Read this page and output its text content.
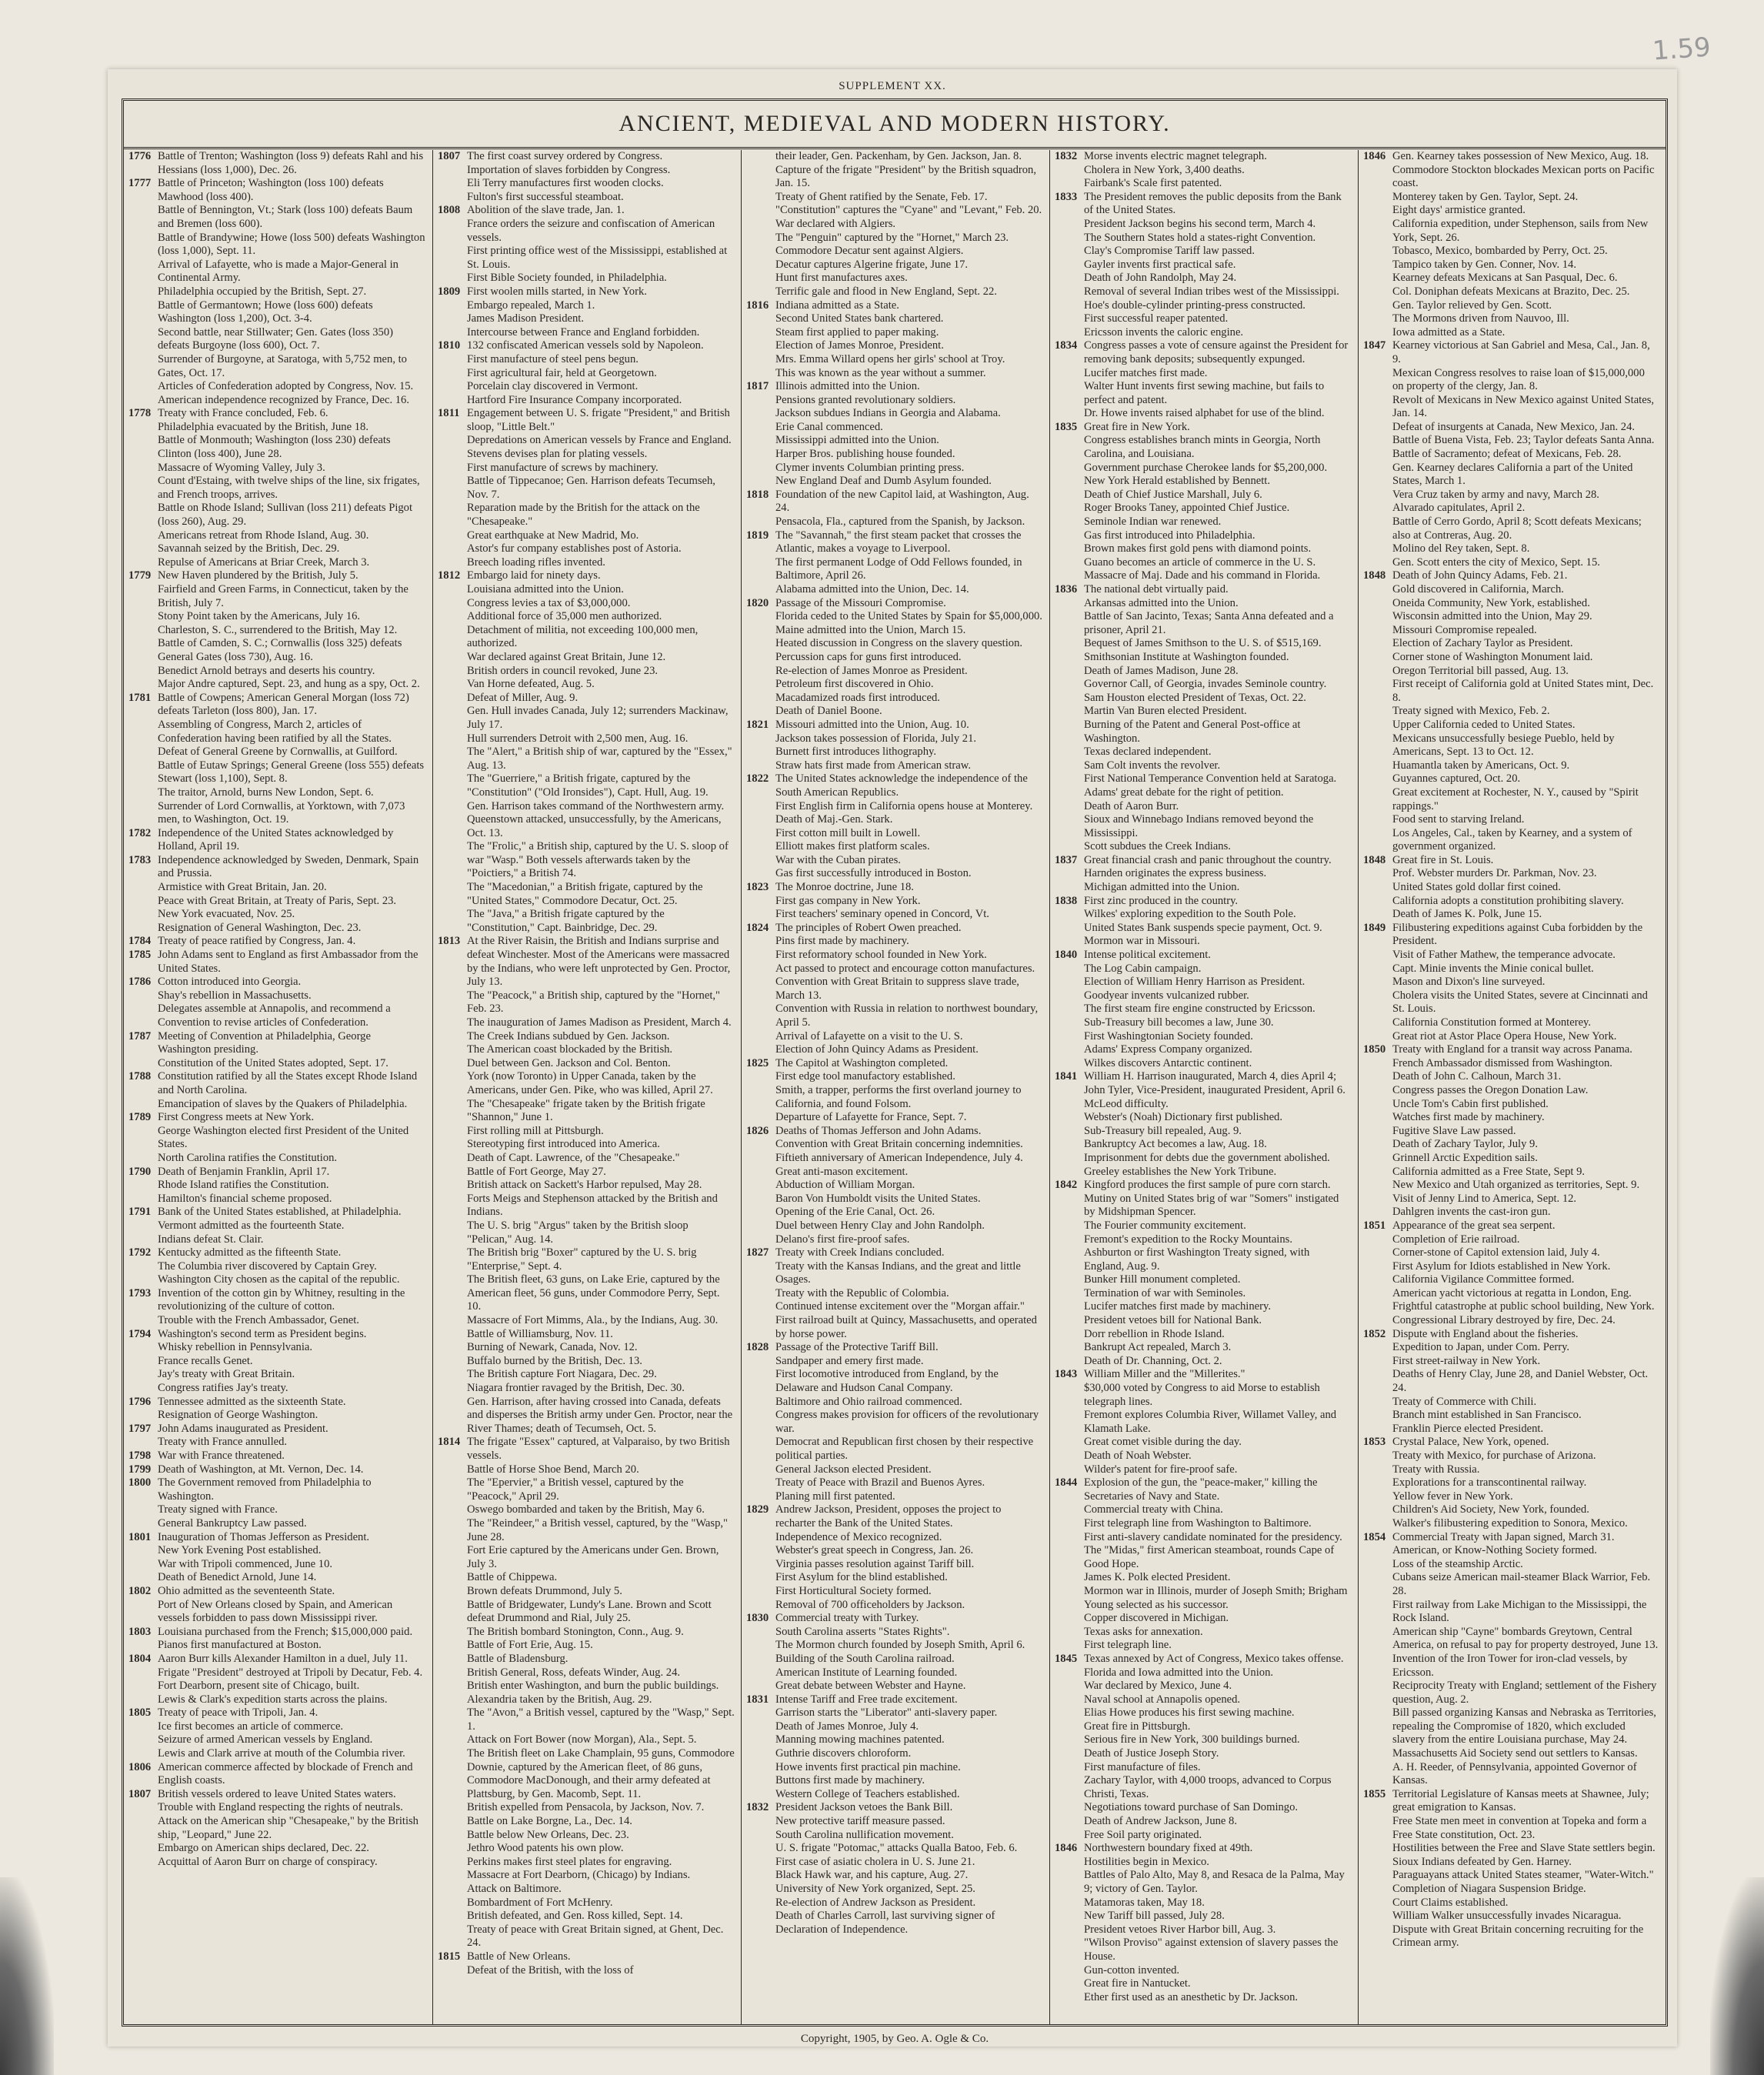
1.59
SUPPLEMENT XX.
ANCIENT, MEDIEVAL AND MODERN HISTORY.
1776 Battle of Trenton; Washington (loss 9) defeats Rahl and his Hessians (loss 1,000), Dec. 26.

1777 Battle of Princeton; Washington (loss 100) defeats Mawhood (loss 400).

Battle of Bennington, Vt.; Stark (loss 100) defeats Baum and Bremen (loss 600).

Battle of Brandywine; Howe (loss 500) defeats Washington (loss 1,000), Sept. 11.

Arrival of Lafayette, who is made a Major-General in Continental Army.

Philadelphia occupied by the British, Sept. 27.

Battle of Germantown; Howe (loss 600) defeats Washington (loss 1,200), Oct. 3-4.

Second battle, near Stillwater; Gen. Gates (loss 350) defeats Burgoyne (loss 600), Oct. 7.

Surrender of Burgoyne, at Saratoga, with 5,752 men, to Gates, Oct. 17.

Articles of Confederation adopted by Congress, Nov. 15.

American independence recognized by France, Dec. 16.

1778 Treaty with France concluded, Feb. 6.

Philadelphia evacuated by the British, June 18.

Battle of Monmouth; Washington (loss 230) defeats Clinton (loss 400), June 28.

Massacre of Wyoming Valley, July 3.

Count d'Estaing, with twelve ships of the line, six frigates, and French troops, arrives.

Battle on Rhode Island; Sullivan (loss 211) defeats Pigot (loss 260), Aug. 29.

Americans retreat from Rhode Island, Aug. 30.

Savannah seized by the British, Dec. 29.

Repulse of Americans at Briar Creek, March 3.

1779 New Haven plundered by the British, July 5.

Fairfield and Green Farms, in Connecticut, taken by the British, July 7.

Stony Point taken by the Americans, July 16.

Charleston, S. C., surrendered to the British, May 12.

Battle of Camden, S. C.; Cornwallis (loss 325) defeats General Gates (loss 730), Aug. 16.

Benedict Arnold betrays and deserts his country.

Major Andre captured, Sept. 23, and hung as a spy, Oct. 2.

1781 Battle of Cowpens; American General Morgan (loss 72) defeats Tarleton (loss 800), Jan. 17.

Assembling of Congress, March 2, articles of Confederation having been ratified by all the States.

Defeat of General Greene by Cornwallis, at Guilford.

Battle of Eutaw Springs; General Greene (loss 555) defeats Stewart (loss 1,100), Sept. 8.

The traitor, Arnold, burns New London, Sept. 6.

Surrender of Lord Cornwallis, at Yorktown, with 7,073 men, to Washington, Oct. 19.

1782 Independence of the United States acknowledged by Holland, April 19.

1783 Independence acknowledged by Sweden, Denmark, Spain and Prussia.

Armistice with Great Britain, Jan. 20.

Peace with Great Britain, at Treaty of Paris, Sept. 23.

New York evacuated, Nov. 25.

Resignation of General Washington, Dec. 23.

1784 Treaty of peace ratified by Congress, Jan. 4.

1785 John Adams sent to England as first Ambassador from the United States.

1786 Cotton introduced into Georgia.

Shay's rebellion in Massachusetts.

Delegates assemble at Annapolis, and recommend a Convention to revise articles of Confederation.

1787 Meeting of Convention at Philadelphia, George Washington presiding.

Constitution of the United States adopted, Sept. 17.

1788 Constitution ratified by all the States except Rhode Island and North Carolina.

Emancipation of slaves by the Quakers of Philadelphia.

1789 First Congress meets at New York.

George Washington elected first President of the United States.

North Carolina ratifies the Constitution.

1790 Death of Benjamin Franklin, April 17.

Rhode Island ratifies the Constitution.

Hamilton's financial scheme proposed.

1791 Bank of the United States established, at Philadelphia.

Vermont admitted as the fourteenth State.

Indians defeat St. Clair.

1792 Kentucky admitted as the fifteenth State.

The Columbia river discovered by Captain Grey.

Washington City chosen as the capital of the republic.

1793 Invention of the cotton gin by Whitney, resulting in the revolutionizing of the culture of cotton.

Trouble with the French Ambassador, Genet.

1794 Washington's second term as President begins.

Whisky rebellion in Pennsylvania.

France recalls Genet.

Jay's treaty with Great Britain.

Congress ratifies Jay's treaty.

1796 Tennessee admitted as the sixteenth State.

Resignation of George Washington.

1797 John Adams inaugurated as President.

Treaty with France annulled.

1798 War with France threatened.

1799 Death of Washington, at Mt. Vernon, Dec. 14.

1800 The Government removed from Philadelphia to Washington.

Treaty signed with France.

General Bankruptcy Law passed.

1801 Inauguration of Thomas Jefferson as President.

New York Evening Post established.

War with Tripoli commenced, June 10.

Death of Benedict Arnold, June 14.

1802 Ohio admitted as the seventeenth State.

Port of New Orleans closed by Spain, and American vessels forbidden to pass down Mississippi river.

1803 Louisiana purchased from the French; $15,000,000 paid.

Pianos first manufactured at Boston.

1804 Aaron Burr kills Alexander Hamilton in a duel, July 11.

Frigate "President" destroyed at Tripoli by Decatur, Feb. 4.

Fort Dearborn, present site of Chicago, built.

Lewis & Clark's expedition starts across the plains.

1805 Treaty of peace with Tripoli, Jan. 4.

Ice first becomes an article of commerce.

Seizure of armed American vessels by England.

Lewis and Clark arrive at mouth of the Columbia river.

1806 American commerce affected by blockade of French and English coasts.

1807 British vessels ordered to leave United States waters.

Trouble with England respecting the rights of neutrals.

Attack on the American ship "Chesapeake," by the British ship, "Leopard," June 22.

Embargo on American ships declared, Dec. 22.

Acquittal of Aaron Burr on charge of conspiracy.

1807 The first coast survey ordered by Congress.

Importation of slaves forbidden by Congress.

Eli Terry manufactures first wooden clocks.

Fulton's first successful steamboat.

1808 Abolition of the slave trade, Jan. 1.

France orders the seizure and confiscation of American vessels.

First printing office west of the Mississippi, established at St. Louis.

First Bible Society founded, in Philadelphia.

1809 First woolen mills started, in New York.

Embargo repealed, March 1.

James Madison President.

Intercourse between France and England forbidden.

1810 132 confiscated American vessels sold by Napoleon.

First manufacture of steel pens begun.

First agricultural fair, held at Georgetown.

Porcelain clay discovered in Vermont.

Hartford Fire Insurance Company incorporated.

1811 Engagement between U. S. frigate "President," and British sloop, "Little Belt."

Depredations on American vessels by France and England.

Stevens devises plan for plating vessels.

First manufacture of screws by machinery.

Battle of Tippecanoe; Gen. Harrison defeats Tecumseh, Nov. 7.

Reparation made by the British for the attack on the "Chesapeake."

Great earthquake at New Madrid, Mo.

Astor's fur company establishes post of Astoria.

Breech loading rifles invented.

1812 Embargo laid for ninety days.

Louisiana admitted into the Union.

Congress levies a tax of $3,000,000.

Additional force of 35,000 men authorized.

Detachment of militia, not exceeding 100,000 men, authorized.

War declared against Great Britain, June 12.

British orders in council revoked, June 23.

Van Horne defeated, Aug. 5.

Defeat of Miller, Aug. 9.

Gen. Hull invades Canada, July 12; surrenders Mackinaw, July 17.

Hull surrenders Detroit with 2,500 men, Aug. 16.

The "Alert," a British ship of war, captured by the "Essex," Aug. 13.

The "Guerriere," a British frigate, captured by the "Constitution" ("Old Ironsides"), Capt. Hull, Aug. 19.

Gen. Harrison takes command of the Northwestern army.

Queenstown attacked, unsuccessfully, by the Americans, Oct. 13.

The "Frolic," a British ship, captured by the U. S. sloop of war "Wasp." Both vessels afterwards taken by the "Poictiers," a British 74.

The "Macedonian," a British frigate, captured by the "United States," Commodore Decatur, Oct. 25.

The "Java," a British frigate captured by the "Constitution," Capt. Bainbridge, Dec. 29.

1813 At the River Raisin, the British and Indians surprise and defeat Winchester. Most of the Americans were massacred by the Indians, who were left unprotected by Gen. Proctor, July 13.

The "Peacock," a British ship, captured by the "Hornet," Feb. 23.

The inauguration of James Madison as President, March 4.

The Creek Indians subdued by Gen. Jackson.

The American coast blockaded by the British.

Duel between Gen. Jackson and Col. Benton.

York (now Toronto) in Upper Canada, taken by the Americans, under Gen. Pike, who was killed, April 27.

The "Chesapeake" frigate taken by the British frigate "Shannon," June 1.

First rolling mill at Pittsburgh.

Stereotyping first introduced into America.

Death of Capt. Lawrence, of the "Chesapeake."

Battle of Fort George, May 27.

British attack on Sackett's Harbor repulsed, May 28.

Forts Meigs and Stephenson attacked by the British and Indians.

The U. S. brig "Argus" taken by the British sloop "Pelican," Aug. 14.

The British brig "Boxer" captured by the U. S. brig "Enterprise," Sept. 4.

The British fleet, 63 guns, on Lake Erie, captured by the American fleet, 56 guns, under Commodore Perry, Sept. 10.

Massacre of Fort Mimms, Ala., by the Indians, Aug. 30.

Battle of Williamsburg, Nov. 11.

Burning of Newark, Canada, Nov. 12.

Buffalo burned by the British, Dec. 13.

The British capture Fort Niagara, Dec. 29.

Niagara frontier ravaged by the British, Dec. 30.

Gen. Harrison, after having crossed into Canada, defeats and disperses the British army under Gen. Proctor, near the River Thames; death of Tecumseh, Oct. 5.

1814 The frigate "Essex" captured, at Valparaiso, by two British vessels.

Battle of Horse Shoe Bend, March 20.

The "Epervier," a British vessel, captured by the "Peacock," April 29.

Oswego bombarded and taken by the British, May 6.

The "Reindeer," a British vessel, captured, by the "Wasp," June 28.

Fort Erie captured by the Americans under Gen. Brown, July 3.

Battle of Chippewa.

Brown defeats Drummond, July 5.

Battle of Bridgewater, Lundy's Lane. Brown and Scott defeat Drummond and Rial, July 25.

The British bombard Stonington, Conn., Aug. 9.

Battle of Fort Erie, Aug. 15.

Battle of Bladensburg.

British General, Ross, defeats Winder, Aug. 24.

British enter Washington, and burn the public buildings.

Alexandria taken by the British, Aug. 29.

The "Avon," a British vessel, captured by the "Wasp," Sept. 1.

Attack on Fort Bower (now Morgan), Ala., Sept. 5.

The British fleet on Lake Champlain, 95 guns, Commodore Downie, captured by the American fleet, of 86 guns, Commodore MacDonough, and their army defeated at Plattsburg, by Gen. Macomb, Sept. 11.

British expelled from Pensacola, by Jackson, Nov. 7.

Battle on Lake Borgne, La., Dec. 14.

Battle below New Orleans, Dec. 23.

Jethro Wood patents his own plow.

Perkins makes first steel plates for engraving.

Massacre at Fort Dearborn, (Chicago) by Indians.

Attack on Baltimore.

Bombardment of Fort McHenry.

British defeated, and Gen. Ross killed, Sept. 14.

Treaty of peace with Great Britain signed, at Ghent, Dec. 24.

1815 Battle of New Orleans.

Defeat of the British, with the loss of

their leader, Gen. Packenham, by Gen. Jackson, Jan. 8.

Capture of the frigate "President" by the British squadron, Jan. 15.

Treaty of Ghent ratified by the Senate, Feb. 17.

"Constitution" captures the "Cyane" and "Levant," Feb. 20.

War declared with Algiers.

The "Penguin" captured by the "Hornet," March 23.

Commodore Decatur sent against Algiers.

Decatur captures Algerine frigate, June 17.

Hunt first manufactures axes.

Terrific gale and flood in New England, Sept. 22.

1816 Indiana admitted as a State.

Second United States bank chartered.

Steam first applied to paper making.

Election of James Monroe, President.

Mrs. Emma Willard opens her girls' school at Troy.

This was known as the year without a summer.

1817 Illinois admitted into the Union.

Pensions granted revolutionary soldiers.

Jackson subdues Indians in Georgia and Alabama.

Erie Canal commenced.

Mississippi admitted into the Union.

Harper Bros. publishing house founded.

Clymer invents Columbian printing press.

New England Deaf and Dumb Asylum founded.

1818 Foundation of the new Capitol laid, at Washington, Aug. 24.

Pensacola, Fla., captured from the Spanish, by Jackson.

1819 The "Savannah," the first steam packet that crosses the Atlantic, makes a voyage to Liverpool.

The first permanent Lodge of Odd Fellows founded, in Baltimore, April 26.

Alabama admitted into the Union, Dec. 14.

1820 Passage of the Missouri Compromise.

Florida ceded to the United States by Spain for $5,000,000.

Maine admitted into the Union, March 15.

Heated discussion in Congress on the slavery question.

Percussion caps for guns first introduced.

Re-election of James Monroe as President.

Petroleum first discovered in Ohio.

Macadamized roads first introduced.

Death of Daniel Boone.

1821 Missouri admitted into the Union, Aug. 10.

Jackson takes possession of Florida, July 21.

Burnett first introduces lithography.

Straw hats first made from American straw.

1822 The United States acknowledge the independence of the South American Republics.

First English firm in California opens house at Monterey.

Death of Maj.-Gen. Stark.

First cotton mill built in Lowell.

Elliott makes first platform scales.

War with the Cuban pirates.

Gas first successfully introduced in Boston.

1823 The Monroe doctrine, June 18.

First gas company in New York.

First teachers' seminary opened in Concord, Vt.

1824 The principles of Robert Owen preached.

Pins first made by machinery.

First reformatory school founded in New York.

Act passed to protect and encourage cotton manufactures.

Convention with Great Britain to suppress slave trade, March 13.

Convention with Russia in relation to northwest boundary, April 5.

Arrival of Lafayette on a visit to the U. S.

Election of John Quincy Adams as President.

1825 The Capitol at Washington completed.

First edge tool manufactory established.

Smith, a trapper, performs the first overland journey to California, and found Folsom.

Departure of Lafayette for France, Sept. 7.

1826 Deaths of Thomas Jefferson and John Adams.

Convention with Great Britain concerning indemnities.

Fiftieth anniversary of American Independence, July 4.

Great anti-mason excitement.

Abduction of William Morgan.

Baron Von Humboldt visits the United States.

Opening of the Erie Canal, Oct. 26.

Duel between Henry Clay and John Randolph.

Delano's first fire-proof safes.

1827 Treaty with Creek Indians concluded.

Treaty with the Kansas Indians, and the great and little Osages.

Treaty with the Republic of Colombia.

Continued intense excitement over the "Morgan affair."

First railroad built at Quincy, Massachusetts, and operated by horse power.

1828 Passage of the Protective Tariff Bill.

Sandpaper and emery first made.

First locomotive introduced from England, by the Delaware and Hudson Canal Company.

Baltimore and Ohio railroad commenced.

Congress makes provision for officers of the revolutionary war.

Democrat and Republican first chosen by their respective political parties.

General Jackson elected President.

Treaty of Peace with Brazil and Buenos Ayres.

Planing mill first patented.

1829 Andrew Jackson, President, opposes the project to recharter the Bank of the United States.

Independence of Mexico recognized.

Webster's great speech in Congress, Jan. 26.

Virginia passes resolution against Tariff bill.

First Asylum for the blind established.

First Horticultural Society formed.

Removal of 700 officeholders by Jackson.

1830 Commercial treaty with Turkey.

South Carolina asserts "States Rights".

The Mormon church founded by Joseph Smith, April 6.

Building of the South Carolina railroad.

American Institute of Learning founded.

Great debate between Webster and Hayne.

1831 Intense Tariff and Free trade excitement.

Garrison starts the "Liberator" anti-slavery paper.

Death of James Monroe, July 4.

Manning mowing machines patented.

Guthrie discovers chloroform.

Howe invents first practical pin machine.

Buttons first made by machinery.

Western College of Teachers established.

1832 President Jackson vetoes the Bank Bill.

New protective tariff measure passed.

South Carolina nullification movement.

U. S. frigate "Potomac," attacks Qualla Batoo, Feb. 6.

First case of asiatic cholera in U. S. June 21.

Black Hawk war, and his capture, Aug. 27.

University of New York organized, Sept. 25.

Re-election of Andrew Jackson as President.

Death of Charles Carroll, last surviving signer of Declaration of Independence.

1832 Morse invents electric magnet telegraph.

Cholera in New York, 3,400 deaths.

Fairbank's Scale first patented.

1833 The President removes the public deposits from the Bank of the United States.

President Jackson begins his second term, March 4.

The Southern States hold a states-right Convention.

Clay's Compromise Tariff law passed.

Gayler invents first practical safe.

Death of John Randolph, May 24.

Removal of several Indian tribes west of the Mississippi.

Hoe's double-cylinder printing-press constructed.

First successful reaper patented.

Ericsson invents the caloric engine.

1834 Congress passes a vote of censure against the President for removing bank deposits; subsequently expunged.

Lucifer matches first made.

Walter Hunt invents first sewing machine, but fails to perfect and patent.

Dr. Howe invents raised alphabet for use of the blind.

1835 Great fire in New York.

Congress establishes branch mints in Georgia, North Carolina, and Louisiana.

Government purchase Cherokee lands for $5,200,000.

New York Herald established by Bennett.

Death of Chief Justice Marshall, July 6.

Roger Brooks Taney, appointed Chief Justice.

Seminole Indian war renewed.

Gas first introduced into Philadelphia.

Brown makes first gold pens with diamond points.

Guano becomes an article of commerce in the U. S.

Massacre of Maj. Dade and his command in Florida.

1836 The national debt virtually paid.

Arkansas admitted into the Union.

Battle of San Jacinto, Texas; Santa Anna defeated and a prisoner, April 21.

Bequest of James Smithson to the U. S. of $515,169.

Smithsonian Institute at Washington founded.

Death of James Madison, June 28.

Governor Call, of Georgia, invades Seminole country.

Sam Houston elected President of Texas, Oct. 22.

Martin Van Buren elected President.

Burning of the Patent and General Post-office at Washington.

Texas declared independent.

Sam Colt invents the revolver.

First National Temperance Convention held at Saratoga.

Adams' great debate for the right of petition.

Death of Aaron Burr.

Sioux and Winnebago Indians removed beyond the Mississippi.

Scott subdues the Creek Indians.

1837 Great financial crash and panic throughout the country.

Harnden originates the express business.

Michigan admitted into the Union.

1838 First zinc produced in the country.

Wilkes' exploring expedition to the South Pole.

United States Bank suspends specie payment, Oct. 9.

Mormon war in Missouri.

1840 Intense political excitement.

The Log Cabin campaign.

Election of William Henry Harrison as President.

Goodyear invents vulcanized rubber.

The first steam fire engine constructed by Ericsson.

Sub-Treasury bill becomes a law, June 30.

First Washingtonian Society founded.

Adams' Express Company organized.

Wilkes discovers Antarctic continent.

1841 William H. Harrison inaugurated, March 4, dies April 4; John Tyler, Vice-President, inaugurated President, April 6.

McLeod difficulty.

Webster's (Noah) Dictionary first published.

Sub-Treasury bill repealed, Aug. 9.

Bankruptcy Act becomes a law, Aug. 18.

Imprisonment for debts due the government abolished.

Greeley establishes the New York Tribune.

1842 Kingford produces the first sample of pure corn starch.

Mutiny on United States brig of war "Somers" instigated by Midshipman Spencer.

The Fourier community excitement.

Fremont's expedition to the Rocky Mountains.

Ashburton or first Washington Treaty signed, with England, Aug. 9.

Bunker Hill monument completed.

Termination of war with Seminoles.

Lucifer matches first made by machinery.

President vetoes bill for National Bank.

Dorr rebellion in Rhode Island.

Bankrupt Act repealed, March 3.

Death of Dr. Channing, Oct. 2.

1843 William Miller and the "Millerites."

$30,000 voted by Congress to aid Morse to establish telegraph lines.

Fremont explores Columbia River, Willamet Valley, and Klamath Lake.

Great comet visible during the day.

Death of Noah Webster.

Wilder's patent for fire-proof safe.

1844 Explosion of the gun, the "peace-maker," killing the Secretaries of Navy and State.

Commercial treaty with China.

First telegraph line from Washington to Baltimore.

First anti-slavery candidate nominated for the presidency.

The "Midas," first American steamboat, rounds Cape of Good Hope.

James K. Polk elected President.

Mormon war in Illinois, murder of Joseph Smith; Brigham Young selected as his successor.

Copper discovered in Michigan.

Texas asks for annexation.

First telegraph line.

1845 Texas annexed by Act of Congress, Mexico takes offense.

Florida and Iowa admitted into the Union.

War declared by Mexico, June 4.

Naval school at Annapolis opened.

Elias Howe produces his first sewing machine.

Great fire in Pittsburgh.

Serious fire in New York, 300 buildings burned.

Death of Justice Joseph Story.

First manufacture of files.

Zachary Taylor, with 4,000 troops, advanced to Corpus Christi, Texas.

Negotiations toward purchase of San Domingo.

Death of Andrew Jackson, June 8.

Free Soil party originated.

1846 Northwestern boundary fixed at 49th.

Hostilities begin in Mexico.

Battles of Palo Alto, May 8, and Resaca de la Palma, May 9; victory of Gen. Taylor.

Matamoras taken, May 18.

New Tariff bill passed, July 28.

President vetoes River Harbor bill, Aug. 3.

"Wilson Proviso" against extension of slavery passes the House.

Gun-cotton invented.

Great fire in Nantucket.

Ether first used as an anesthetic by Dr. Jackson.

1846 Gen. Kearney takes possession of New Mexico, Aug. 18.

Commodore Stockton blockades Mexican ports on Pacific coast.

Monterey taken by Gen. Taylor, Sept. 24.

Eight days' armistice granted.

California expedition, under Stephenson, sails from New York, Sept. 26.

Tobasco, Mexico, bombarded by Perry, Oct. 25.

Tampico taken by Gen. Conner, Nov. 14.

Kearney defeats Mexicans at San Pasqual, Dec. 6.

Col. Doniphan defeats Mexicans at Brazito, Dec. 25.

Gen. Taylor relieved by Gen. Scott.

The Mormons driven from Nauvoo, Ill.

Iowa admitted as a State.

1847 Kearney victorious at San Gabriel and Mesa, Cal., Jan. 8, 9.

Mexican Congress resolves to raise loan of $15,000,000 on property of the clergy, Jan. 8.

Revolt of Mexicans in New Mexico against United States, Jan. 14.

Defeat of insurgents at Canada, New Mexico, Jan. 24.

Battle of Buena Vista, Feb. 23; Taylor defeats Santa Anna.

Battle of Sacramento; defeat of Mexicans, Feb. 28.

Gen. Kearney declares California a part of the United States, March 1.

Vera Cruz taken by army and navy, March 28.

Alvarado capitulates, April 2.

Battle of Cerro Gordo, April 8; Scott defeats Mexicans; also at Contreras, Aug. 20.

Molino del Rey taken, Sept. 8.

Gen. Scott enters the city of Mexico, Sept. 15.

1848 Death of John Quincy Adams, Feb. 21.

Gold discovered in California, March.

Oneida Community, New York, established.

Wisconsin admitted into the Union, May 29.

Missouri Compromise repealed.

Election of Zachary Taylor as President.

Corner stone of Washington Monument laid.

Oregon Territorial bill passed, Aug. 13.

First receipt of California gold at United States mint, Dec. 8.

Treaty signed with Mexico, Feb. 2.

Upper California ceded to United States.

Mexicans unsuccessfully besiege Pueblo, held by Americans, Sept. 13 to Oct. 12.

Huamantla taken by Americans, Oct. 9.

Guyannes captured, Oct. 20.

Great excitement at Rochester, N. Y., caused by "Spirit rappings."

Food sent to starving Ireland.

Los Angeles, Cal., taken by Kearney, and a system of government organized.

1848 Great fire in St. Louis.

Prof. Webster murders Dr. Parkman, Nov. 23.

United States gold dollar first coined.

California adopts a constitution prohibiting slavery.

Death of James K. Polk, June 15.

1849 Filibustering expeditions against Cuba forbidden by the President.

Visit of Father Mathew, the temperance advocate.

Capt. Minie invents the Minie conical bullet.

Mason and Dixon's line surveyed.

Cholera visits the United States, severe at Cincinnati and St. Louis.

California Constitution formed at Monterey.

Great riot at Astor Place Opera House, New York.

1850 Treaty with England for a transit way across Panama.

French Ambassador dismissed from Washington.

Death of John C. Calhoun, March 31.

Congress passes the Oregon Donation Law.

Uncle Tom's Cabin first published.

Watches first made by machinery.

Fugitive Slave Law passed.

Death of Zachary Taylor, July 9.

Grinnell Arctic Expedition sails.

California admitted as a Free State, Sept 9.

New Mexico and Utah organized as territories, Sept. 9.

Visit of Jenny Lind to America, Sept. 12.

Dahlgren invents the cast-iron gun.

1851 Appearance of the great sea serpent.

Completion of Erie railroad.

Corner-stone of Capitol extension laid, July 4.

First Asylum for Idiots established in New York.

California Vigilance Committee formed.

American yacht victorious at regatta in London, Eng.

Frightful catastrophe at public school building, New York.

Congressional Library destroyed by fire, Dec. 24.

1852 Dispute with England about the fisheries.

Expedition to Japan, under Com. Perry.

First street-railway in New York.

Deaths of Henry Clay, June 28, and Daniel Webster, Oct. 24.

Treaty of Commerce with Chili.

Branch mint established in San Francisco.

Franklin Pierce elected President.

1853 Crystal Palace, New York, opened.

Treaty with Mexico, for purchase of Arizona.

Treaty with Russia.

Explorations for a transcontinental railway.

Yellow fever in New York.

Children's Aid Society, New York, founded.

Walker's filibustering expedition to Sonora, Mexico.

1854 Commercial Treaty with Japan signed, March 31.

American, or Know-Nothing Society formed.

Loss of the steamship Arctic.

Cubans seize American mail-steamer Black Warrior, Feb. 28.

First railway from Lake Michigan to the Mississippi, the Rock Island.

American ship "Cayne" bombards Greytown, Central America, on refusal to pay for property destroyed, June 13.

Invention of the Iron Tower for iron-clad vessels, by Ericsson.

Reciprocity Treaty with England; settlement of the Fishery question, Aug. 2.

Bill passed organizing Kansas and Nebraska as Territories, repealing the Compromise of 1820, which excluded slavery from the entire Louisiana purchase, May 24.

Massachusetts Aid Society send out settlers to Kansas.

A. H. Reeder, of Pennsylvania, appointed Governor of Kansas.

1855 Territorial Legislature of Kansas meets at Shawnee, July; great emigration to Kansas.

Free State men meet in convention at Topeka and form a Free State constitution, Oct. 23.

Hostilities between the Free and Slave State settlers begin.

Sioux Indians defeated by Gen. Harney.

Paraguayans attack United States steamer, "Water-Witch."

Completion of Niagara Suspension Bridge.

Court Claims established.

William Walker unsuccessfully invades Nicaragua.

Dispute with Great Britain concerning recruiting for the Crimean army.

Copyright, 1905, by Geo. A. Ogle & Co.
